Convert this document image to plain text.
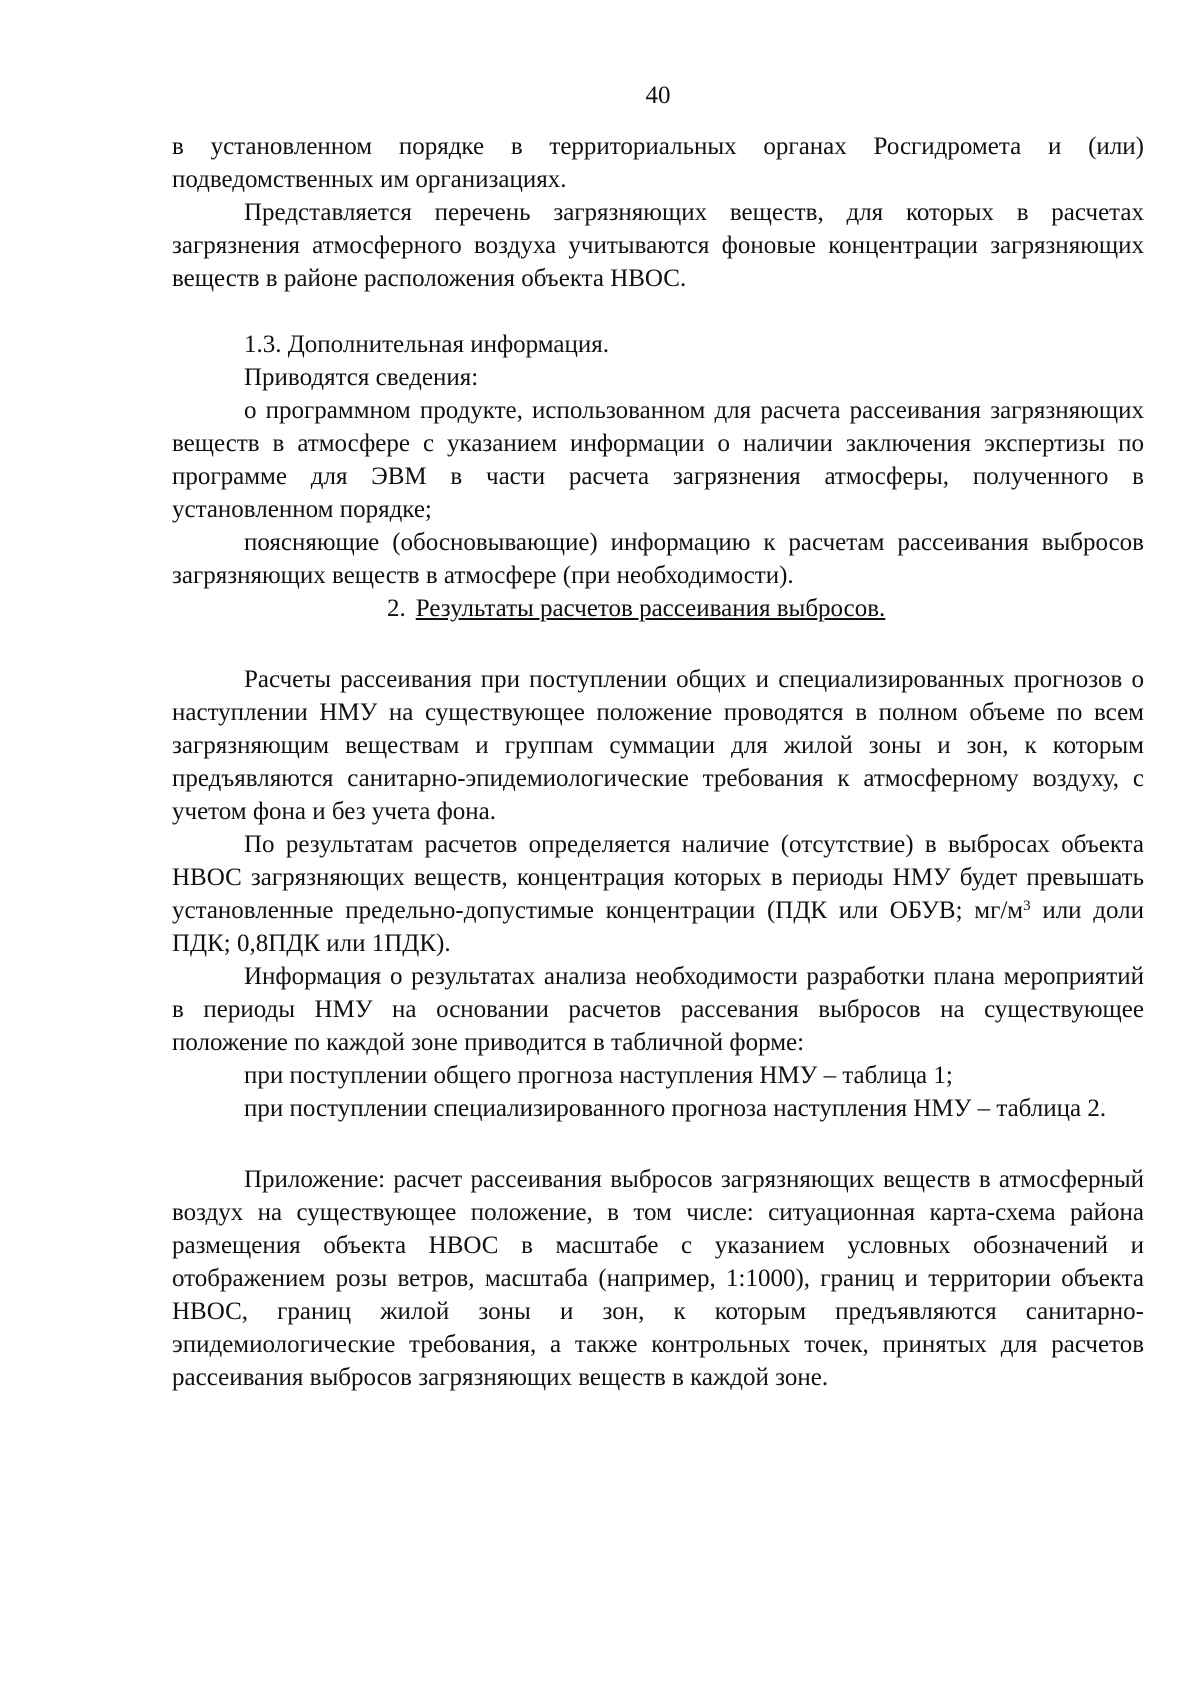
40

в установленном порядке в территориальных органах Росгидромета и (или) подведомственных им организациях.

Представляется перечень загрязняющих веществ, для которых в расчетах загрязнения атмосферного воздуха учитываются фоновые концентрации загрязняющих веществ в районе расположения объекта НВОС.

1.3. Дополнительная информация.

Приводятся сведения:

о программном продукте, использованном для расчета рассеивания загрязняющих веществ в атмосфере с указанием информации о наличии заключения экспертизы по программе для ЭВМ в части расчета загрязнения атмосферы, полученного в установленном порядке;

поясняющие (обосновывающие) информацию к расчетам рассеивания выбросов загрязняющих веществ в атмосфере (при необходимости).

2. Результаты расчетов рассеивания выбросов.

Расчеты рассеивания при поступлении общих и специализированных прогнозов о наступлении НМУ на существующее положение проводятся в полном объеме по всем загрязняющим веществам и группам суммации для жилой зоны и зон, к которым предъявляются санитарно-эпидемиологические требования к атмосферному воздуху, с учетом фона и без учета фона.

По результатам расчетов определяется наличие (отсутствие) в выбросах объекта НВОС загрязняющих веществ, концентрация которых в периоды НМУ будет превышать установленные предельно-допустимые концентрации (ПДК или ОБУВ; $мг/м^3$ или доли ПДК; 0,8ПДК или 1ПДК).

Информация о результатах анализа необходимости разработки плана мероприятий в периоды НМУ на основании расчетов рассевания выбросов на существующее положение по каждой зоне приводится в табличной форме:

при поступлении общего прогноза наступления НМУ – таблица 1;

при поступлении специализированного прогноза наступления НМУ – таблица 2.

Приложение: расчет рассеивания выбросов загрязняющих веществ в атмосферный воздух на существующее положение, в том числе: ситуационная карта-схема района размещения объекта НВОС в масштабе с указанием условных обозначений и отображением розы ветров, масштаба (например, 1:1000), границ и территории объекта НВОС, границ жилой зоны и зон, к которым предъявляются санитарно-эпидемиологические требования, а также контрольных точек, принятых для расчетов рассеивания выбросов загрязняющих веществ в каждой зоне.
